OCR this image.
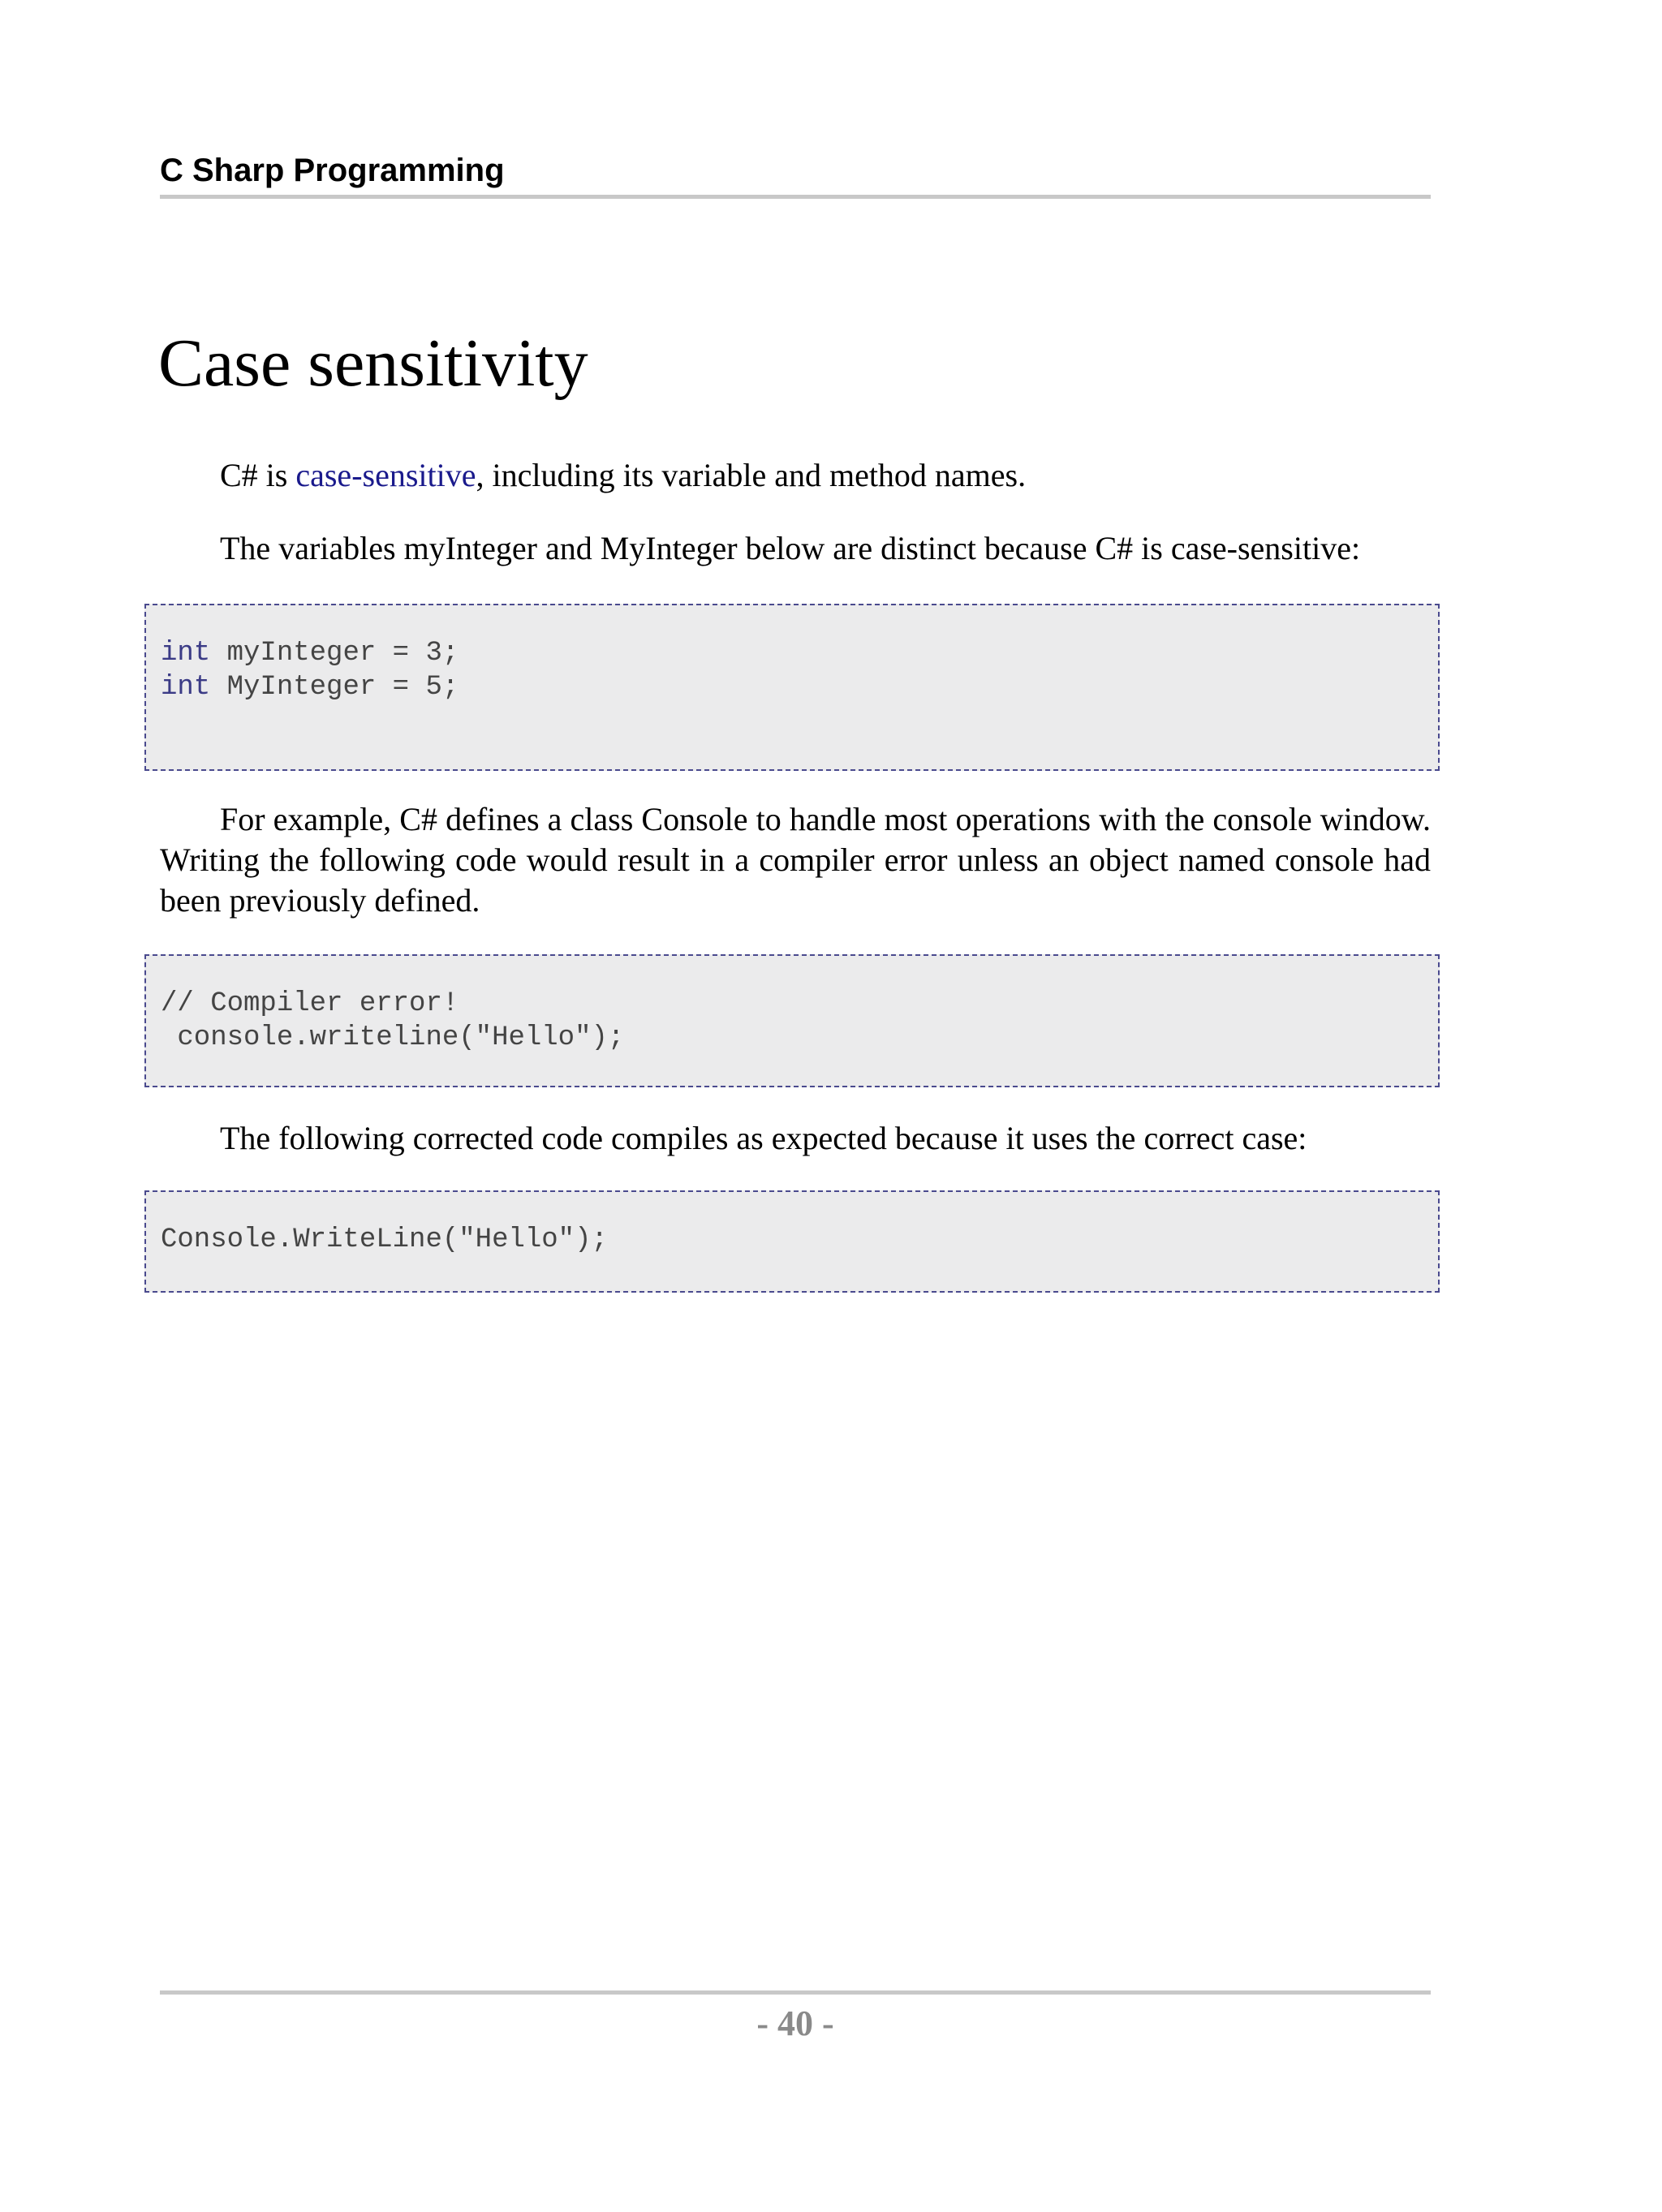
C Sharp Programming
Case sensitivity

C# is case-sensitive, including its variable and method names.

The variables myInteger and MyInteger below are distinct because C# is case-sensitive:

int myInteger = 3;
int MyInteger = 5;

For example, C# defines a class Console to handle most operations with the console window. Writing the following code would result in a compiler error unless an object named console had been previously defined.

// Compiler error!
console.writeline("Hello");

The following corrected code compiles as expected because it uses the correct case:

Console.WriteLine("Hello");
- 40 -
